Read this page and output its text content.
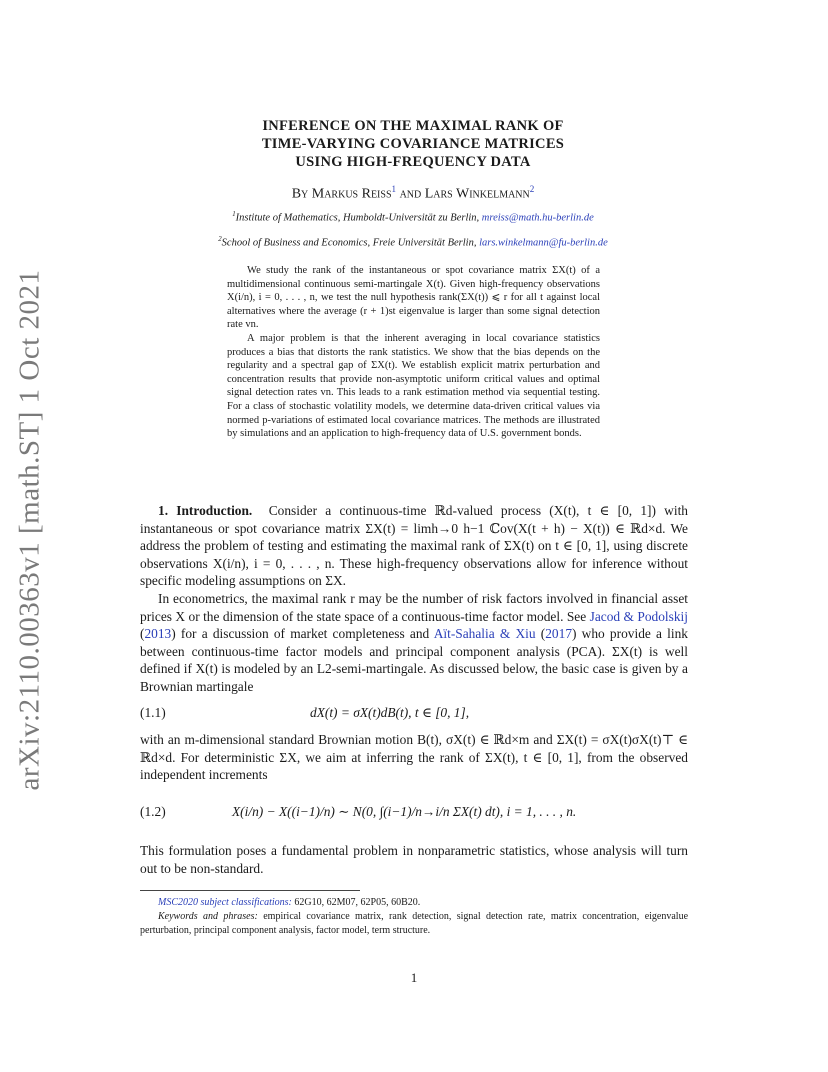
arXiv:2110.00363v1 [math.ST] 1 Oct 2021
INFERENCE ON THE MAXIMAL RANK OF
TIME-VARYING COVARIANCE MATRICES
USING HIGH-FREQUENCY DATA
By Markus Reiss$^1$ and Lars Winkelmann$^2$
$^1$Institute of Mathematics, Humboldt-Universität zu Berlin, mreiss@math.hu-berlin.de
$^2$School of Business and Economics, Freie Universität Berlin, lars.winkelmann@fu-berlin.de

We study the rank of the instantaneous or spot covariance matrix ΣX(t) of a multidimensional continuous semi-martingale X(t). Given high-frequency observations X(i/n), i = 0, . . . , n, we test the null hypothesis rank(ΣX(t)) ⩽ r for all t against local alternatives where the average (r + 1)st eigenvalue is larger than some signal detection rate vn.

A major problem is that the inherent averaging in local covariance statistics produces a bias that distorts the rank statistics. We show that the bias depends on the regularity and a spectral gap of ΣX(t). We establish explicit matrix perturbation and concentration results that provide non-asymptotic uniform critical values and optimal signal detection rates vn. This leads to a rank estimation method via sequential testing. For a class of stochastic volatility models, we determine data-driven critical values via normed p-variations of estimated local covariance matrices. The methods are illustrated by simulations and an application to high-frequency data of U.S. government bonds.

1. Introduction. Consider a continuous-time ℝd-valued process (X(t), t ∈ [0, 1]) with instantaneous or spot covariance matrix ΣX(t) = limh→0 h−1 ℂov(X(t + h) − X(t)) ∈ ℝd×d. We address the problem of testing and estimating the maximal rank of ΣX(t) on t ∈ [0, 1], using discrete observations X(i/n), i = 0, . . . , n. These high-frequency observations allow for inference without specific modeling assumptions on ΣX.

In econometrics, the maximal rank r may be the number of risk factors involved in financial asset prices X or the dimension of the state space of a continuous-time factor model. See Jacod & Podolskij (2013) for a discussion of market completeness and Aït-Sahalia & Xiu (2017) who provide a link between continuous-time factor models and principal component analysis (PCA). ΣX(t) is well defined if X(t) is modeled by an L2-semi-martingale. As discussed below, the basic case is given by a Brownian martingale

(1.1)	dX(t) = σX(t)dB(t), t ∈ [0, 1],

with an m-dimensional standard Brownian motion B(t), σX(t) ∈ ℝd×m and ΣX(t) = σX(t)σX(t)⊤ ∈ ℝd×d. For deterministic ΣX, we aim at inferring the rank of ΣX(t), t ∈ [0, 1], from the observed independent increments

(1.2)	X(i/n) − X((i−1)/n) ∼ N(0, ∫(i−1)/n→i/n ΣX(t) dt), i = 1, . . . , n.

This formulation poses a fundamental problem in nonparametric statistics, whose analysis will turn out to be non-standard.

MSC2020 subject classifications: 62G10, 62M07, 62P05, 60B20.
Keywords and phrases: empirical covariance matrix, rank detection, signal detection rate, matrix concentration, eigenvalue perturbation, principal component analysis, factor model, term structure.
1
